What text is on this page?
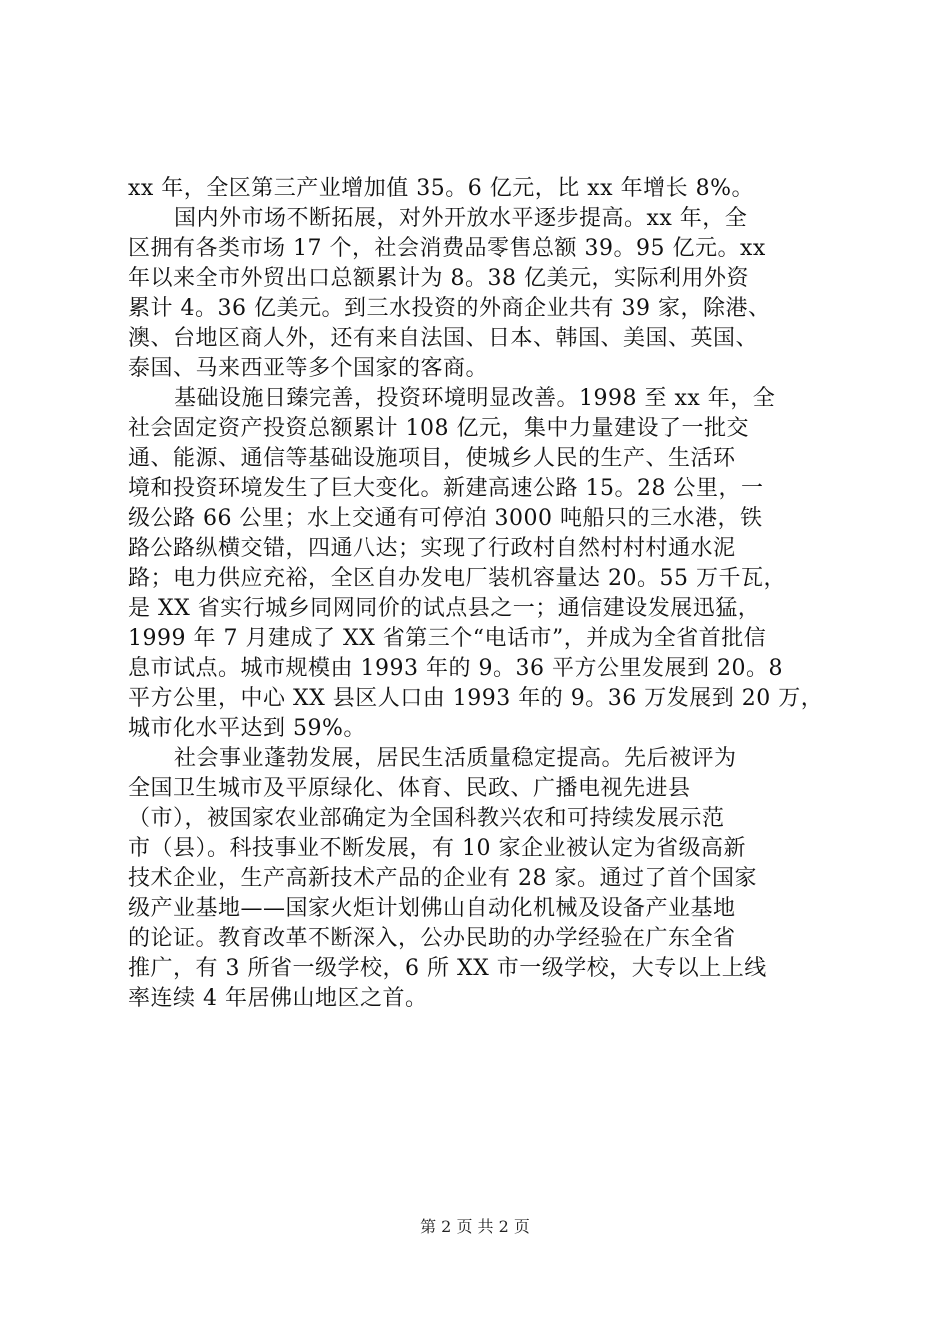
xx 年，全区第三产业增加值 35。6 亿元，比 xx 年增长 8%。
国内外市场不断拓展，对外开放水平逐步提高。xx 年，全
区拥有各类市场 17 个，社会消费品零售总额 39。95 亿元。xx
年以来全市外贸出口总额累计为 8。38 亿美元，实际利用外资
累计 4。36 亿美元。到三水投资的外商企业共有 39 家，除港、
澳、台地区商人外，还有来自法国、日本、韩国、美国、英国、
泰国、马来西亚等多个国家的客商。
基础设施日臻完善，投资环境明显改善。1998 至 xx 年，全
社会固定资产投资总额累计 108 亿元，集中力量建设了一批交
通、能源、通信等基础设施项目，使城乡人民的生产、生活环
境和投资环境发生了巨大变化。新建高速公路 15。28 公里，一
级公路 66 公里；水上交通有可停泊 3000 吨船只的三水港，铁
路公路纵横交错，四通八达；实现了行政村自然村村村通水泥
路；电力供应充裕，全区自办发电厂装机容量达 20。55 万千瓦，
是 XX 省实行城乡同网同价的试点县之一；通信建设发展迅猛，
1999 年 7 月建成了 XX 省第三个“电话市”，并成为全省首批信
息市试点。城市规模由 1993 年的 9。36 平方公里发展到 20。8
平方公里，中心 XX 县区人口由 1993 年的 9。36 万发展到 20 万，
城市化水平达到 59%。
社会事业蓬勃发展，居民生活质量稳定提高。先后被评为
全国卫生城市及平原绿化、体育、民政、广播电视先进县
（市），被国家农业部确定为全国科教兴农和可持续发展示范
市（县）。科技事业不断发展，有 10 家企业被认定为省级高新
技术企业，生产高新技术产品的企业有 28 家。通过了首个国家
级产业基地——国家火炬计划佛山自动化机械及设备产业基地
的论证。教育改革不断深入，公办民助的办学经验在广东全省
推广，有 3 所省一级学校，6 所 XX 市一级学校，大专以上上线
率连续 4 年居佛山地区之首。
第 2 页 共 2 页
